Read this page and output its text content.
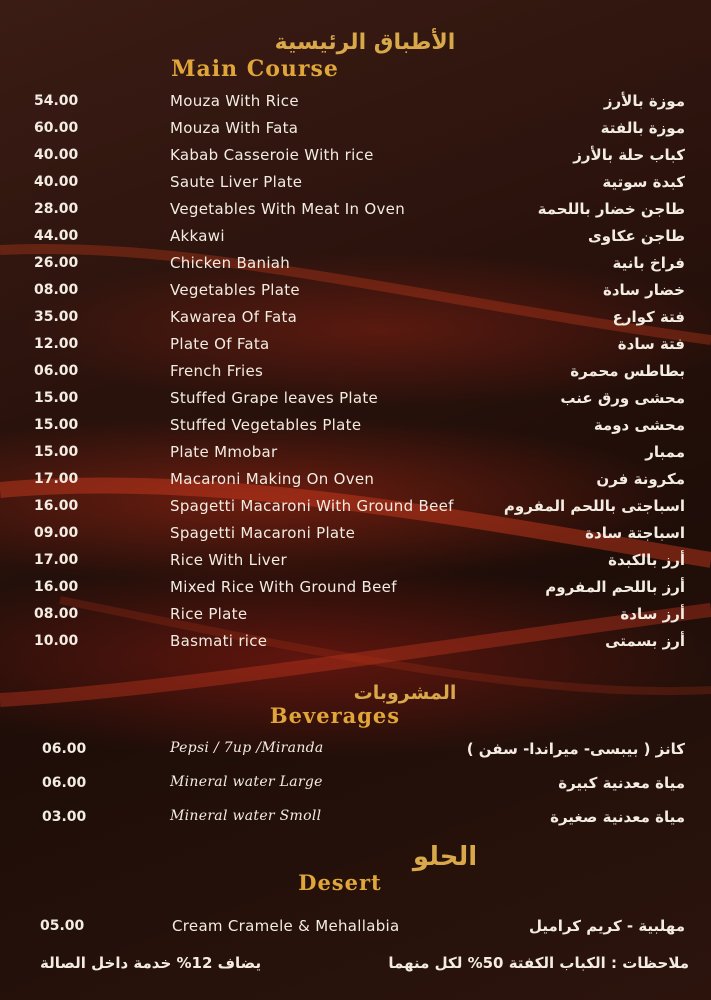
الأطباق الرئيسية
Main Course
54.00	Mouza With Rice	موزة بالأرز
60.00	Mouza With Fata	موزة بالفتة
40.00	Kabab Casseroie With rice	كباب حلة بالأرز
40.00	Saute Liver Plate	كبدة سوتية
28.00	Vegetables With Meat In Oven	طاجن خضار باللحمة
44.00	Akkawi	طاجن عكاوى
26.00	Chicken Baniah	فراخ بانية
08.00	Vegetables Plate	خضار سادة
35.00	Kawarea Of Fata	فتة كوارع
12.00	Plate Of Fata	فتة سادة
06.00	French Fries	بطاطس محمرة
15.00	Stuffed Grape leaves Plate	محشى ورق عنب
15.00	Stuffed Vegetables Plate	محشى دومة
15.00	Plate Mmobar	ممبار
17.00	Macaroni Making On Oven	مكرونة فرن
16.00	Spagetti Macaroni With Ground Beef	اسباجتى باللحم المفروم
09.00	Spagetti Macaroni Plate	اسباجتة سادة
17.00	Rice With Liver	أرز بالكبدة
16.00	Mixed Rice With Ground Beef	أرز باللحم المفروم
08.00	Rice Plate	أرز سادة
10.00	Basmati rice	أرز بسمتى
المشروبات
Beverages
06.00	Pepsi / 7up /Miranda	كانز ( بيبسى- ميراندا- سفن )
06.00	Mineral water Large	مياة معدنية كبيرة
03.00	Mineral water Smoll	مياة معدنية صغيرة
الحلو
Desert
05.00	Cream Cramele & Mehallabia	مهلبية - كريم كراميل
ملاحظات : الكباب الكفتة 50% لكل منهما
يضاف 12% خدمة داخل الصالة
